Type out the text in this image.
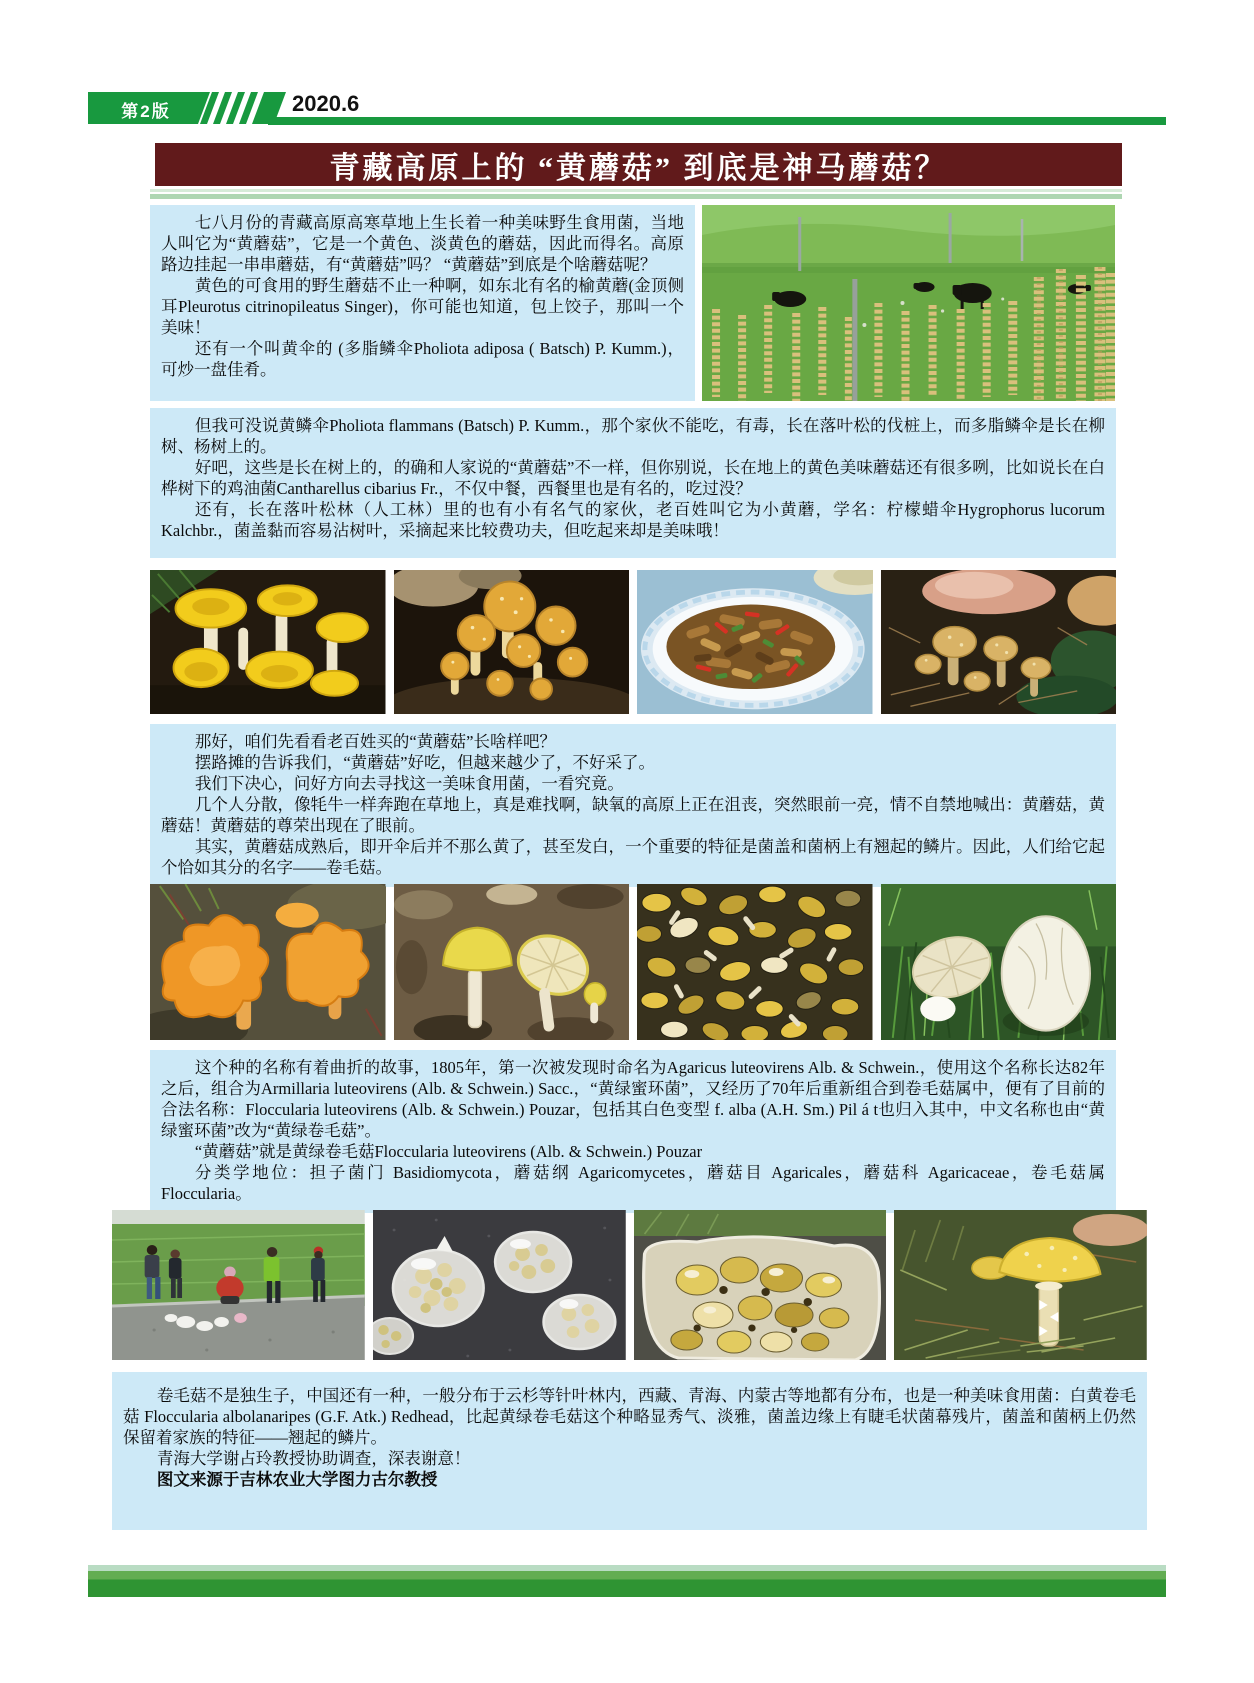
第2版	2020.6
青藏高原上的 “黄蘑菇” 到底是神马蘑菇？

七八月份的青藏高原高寒草地上生长着一种美味野生食用菌，当地人叫它为“黄蘑菇”，它是一个黄色、淡黄色的蘑菇，因此而得名。高原路边挂起一串串蘑菇，有“黄蘑菇”吗？ “黄蘑菇”到底是个啥蘑菇呢？

黄色的可食用的野生蘑菇不止一种啊，如东北有名的榆黄蘑(金顶侧耳Pleurotus citrinopileatus Singer)，你可能也知道，包上饺子，那叫一个美味！

还有一个叫黄伞的 (多脂鳞伞Pholiota adiposa ( Batsch) P. Kumm.)，可炒一盘佳肴。

但我可没说黄鳞伞Pholiota flammans (Batsch) P. Kumm.，那个家伙不能吃，有毒，长在落叶松的伐桩上，而多脂鳞伞是长在柳树、杨树上的。

好吧，这些是长在树上的，的确和人家说的“黄蘑菇”不一样，但你别说，长在地上的黄色美味蘑菇还有很多咧，比如说长在白桦树下的鸡油菌Cantharellus cibarius Fr.，不仅中餐，西餐里也是有名的，吃过没？

还有，长在落叶松林（人工林）里的也有小有名气的家伙，老百姓叫它为小黄蘑，学名：柠檬蜡伞Hygrophorus lucorum Kalchbr.，菌盖黏而容易沾树叶，采摘起来比较费功夫，但吃起来却是美味哦！

那好，咱们先看看老百姓买的“黄蘑菇”长啥样吧？

摆路摊的告诉我们，“黄蘑菇”好吃，但越来越少了，不好采了。

我们下决心，问好方向去寻找这一美味食用菌，一看究竟。

几个人分散，像牦牛一样奔跑在草地上，真是难找啊，缺氧的高原上正在沮丧，突然眼前一亮，情不自禁地喊出：黄蘑菇，黄蘑菇！黄蘑菇的尊荣出现在了眼前。

其实，黄蘑菇成熟后，即开伞后并不那么黄了，甚至发白，一个重要的特征是菌盖和菌柄上有翘起的鳞片。因此，人们给它起个恰如其分的名字——卷毛菇。

这个种的名称有着曲折的故事，1805年，第一次被发现时命名为Agaricus luteovirens Alb. & Schwein.，使用这个名称长达82年之后，组合为Armillaria luteovirens (Alb. & Schwein.) Sacc.，“黄绿蜜环菌”，又经历了70年后重新组合到卷毛菇属中，便有了目前的合法名称：Floccularia luteovirens (Alb. & Schwein.) Pouzar，包括其白色变型 f. alba (A.H. Sm.) Pil á t也归入其中，中文名称也由“黄绿蜜环菌”改为“黄绿卷毛菇”。

“黄蘑菇”就是黄绿卷毛菇Floccularia luteovirens (Alb. & Schwein.) Pouzar

分类学地位：担子菌门 Basidiomycota，蘑菇纲 Agaricomycetes，蘑菇目 Agaricales，蘑菇科 Agaricaceae，卷毛菇属 Floccularia。

卷毛菇不是独生子，中国还有一种，一般分布于云杉等针叶林内，西藏、青海、内蒙古等地都有分布，也是一种美味食用菌：白黄卷毛菇 Floccularia albolanaripes (G.F. Atk.) Redhead，比起黄绿卷毛菇这个种略显秀气、淡雅，菌盖边缘上有睫毛状菌幕残片，菌盖和菌柄上仍然保留着家族的特征——翘起的鳞片。

青海大学谢占玲教授协助调查，深表谢意！

图文来源于吉林农业大学图力古尔教授
